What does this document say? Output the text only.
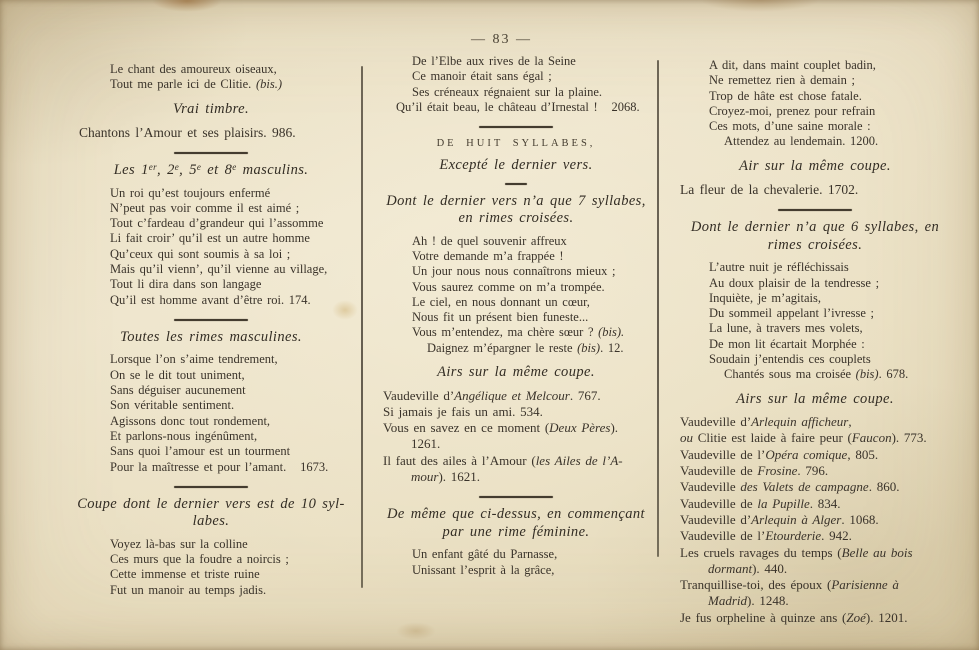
— 83 —
Le chant des amoureux oiseaux,
Tout me parle ici de Clitie. (bis.)
Vrai timbre.
Chantons l’Amour et ses plaisirs. 986.
Les 1er, 2e, 5e et 8e masculins.
Un roi qu’est toujours enfermé
N’peut pas voir comme il est aimé ;
Tout c’fardeau d’grandeur qui l’assomme
Li fait croir’ qu’il est un autre homme
Qu’ceux qui sont soumis à sa loi ;
Mais qu’il vienn’, qu’il vienne au village,
Tout li dira dans son langage
Qu’il est homme avant d’être roi. 174.
Toutes les rimes masculines.
Lorsque l’on s’aime tendrement,
On se le dit tout uniment,
Sans déguiser aucunement
Son véritable sentiment.
Agissons donc tout rondement,
Et parlons-nous ingénûment,
Sans quoi l’amour est un tourment
Pour la maîtresse et pour l’amant.   1673.
Coupe dont le dernier vers est de 10 syl-labes.
Voyez là-bas sur la colline
Ces murs que la foudre a noircis ;
Cette immense et triste ruine
Fut un manoir au temps jadis.
De l’Elbe aux rives de la Seine
Ce manoir était sans égal ;
Ses créneaux régnaient sur la plaine.
Qu’il était beau, le château d’Irnestal !   2068.
DE HUIT SYLLABES,
Excepté le dernier vers.
Dont le dernier vers n’a que 7 syllabes, en rimes croisées.
Ah ! de quel souvenir affreux
Votre demande m’a frappée !
Un jour nous nous connaîtrons mieux ;
Vous saurez comme on m’a trompée.
Le ciel, en nous donnant un cœur,
Nous fit un présent bien funeste...
Vous m’entendez, ma chère sœur ? (bis).
Daignez m’épargner le reste (bis). 12.
Airs sur la même coupe.
Vaudeville d’Angélique et Melcour. 767.
Si jamais je fais un ami. 534.
Vous en savez en ce moment (Deux Pères).
1261.
Il faut des ailes à l’Amour (les Ailes de l’A-
mour). 1621.
De même que ci-dessus, en commençant par une rime féminine.
Un enfant gâté du Parnasse,
Unissant l’esprit à la grâce,
A dit, dans maint couplet badin,
Ne remettez rien à demain ;
Trop de hâte est chose fatale.
Croyez-moi, prenez pour refrain
Ces mots, d’une saine morale :
Attendez au lendemain. 1200.
Air sur la même coupe.
La fleur de la chevalerie. 1702.
Dont le dernier n’a que 6 syllabes, en rimes croisées.
L’autre nuit je réfléchissais
Au doux plaisir de la tendresse ;
Inquiète, je m’agitais,
Du sommeil appelant l’ivresse ;
La lune, à travers mes volets,
De mon lit écartait Morphée :
Soudain j’entendis ces couplets
Chantés sous ma croisée (bis). 678.
Airs sur la même coupe.
Vaudeville d’Arlequin afficheur,
ou Clitie est laide à faire peur (Faucon). 773.
Vaudeville de l’Opéra comique, 805.
Vaudeville de Frosine. 796.
Vaudeville des Valets de campagne. 860.
Vaudeville de la Pupille. 834.
Vaudeville d’Arlequin à Alger. 1068.
Vaudeville de l’Etourderie. 942.
Les cruels ravages du temps (Belle au bois
dormant). 440.
Tranquillise-toi, des époux (Parisienne à
Madrid). 1248.
Je fus orpheline à quinze ans (Zoé). 1201.
